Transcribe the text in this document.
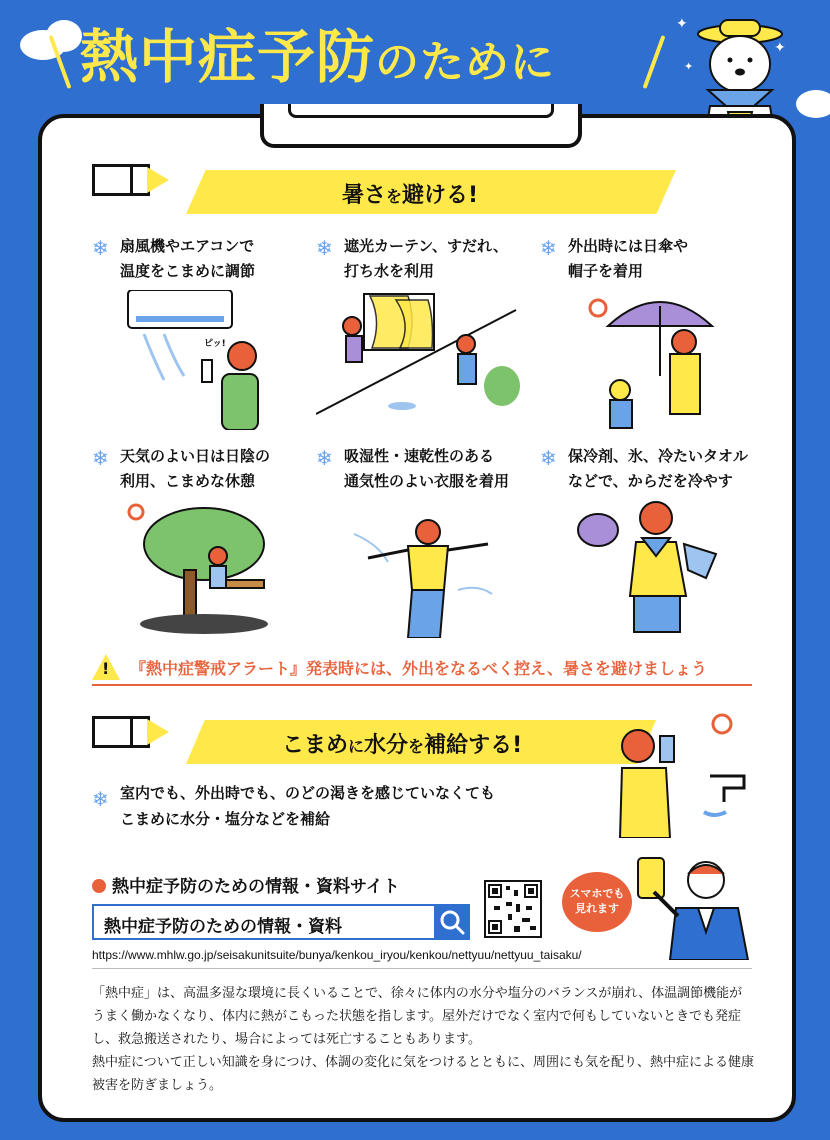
✦
✦
✦
熱中症予防のために
暑さを避ける!
❄ 扇風機やエアコンで
温度をこまめに調節
❄ 遮光カーテン、すだれ、
打ち水を利用
❄ 外出時には日傘や
帽子を着用
❄ 天気のよい日は日陰の
利用、こまめな休憩
❄ 吸湿性・速乾性のある
通気性のよい衣服を着用
❄ 保冷剤、氷、冷たいタオル
などで、からだを冷やす
ピッ!
! 『熱中症警戒アラート』発表時には、外出をなるべく控え、暑さを避けましょう
こまめに水分を補給する!
❄ 室内でも、外出時でも、のどの渇きを感じていなくても
こまめに水分・塩分などを補給
熱中症予防のための情報・資料サイト
熱中症予防のための情報・資料
https://www.mhlw.go.jp/seisakunitsuite/bunya/kenkou_iryou/kenkou/nettyuu/nettyuu_taisaku/
スマホでも
見れます

「熱中症」は、高温多湿な環境に長くいることで、徐々に体内の水分や塩分のバランスが崩れ、体温調節機能がうまく働かなくなり、体内に熱がこもった状態を指します。屋外だけでなく室内で何もしていないときでも発症し、救急搬送されたり、場合によっては死亡することもあります。

熱中症について正しい知識を身につけ、体調の変化に気をつけるとともに、周囲にも気を配り、熱中症による健康被害を防ぎましょう。
